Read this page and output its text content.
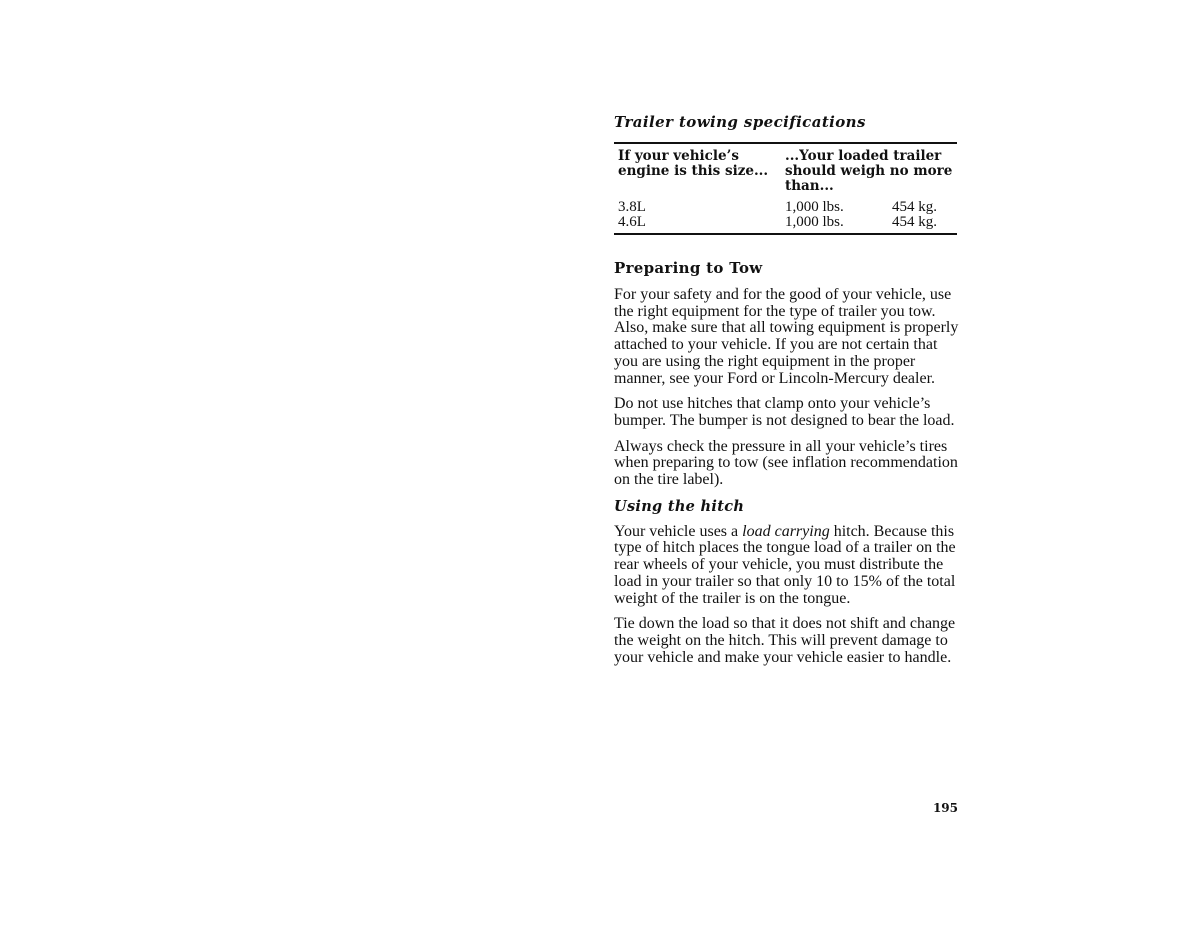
Trailer towing specifications
If your vehicle’s engine is this size...	...Your loaded trailer should weigh no more than...	
3.8L	1,000 lbs.	454 kg.
4.6L	1,000 lbs.	454 kg.
Preparing to Tow

For your safety and for the good of your vehicle, use the right equipment for the type of trailer you tow. Also, make sure that all towing equipment is properly attached to your vehicle. If you are not certain that you are using the right equipment in the proper manner, see your Ford or Lincoln-Mercury dealer.

Do not use hitches that clamp onto your vehicle’s bumper. The bumper is not designed to bear the load.

Always check the pressure in all your vehicle’s tires when preparing to tow (see inflation recommendation on the tire label).

Using the hitch

Your vehicle uses a load carrying hitch. Because this type of hitch places the tongue load of a trailer on the rear wheels of your vehicle, you must distribute the load in your trailer so that only 10 to 15% of the total weight of the trailer is on the tongue.

Tie down the load so that it does not shift and change the weight on the hitch. This will prevent damage to your vehicle and make your vehicle easier to handle.

195
